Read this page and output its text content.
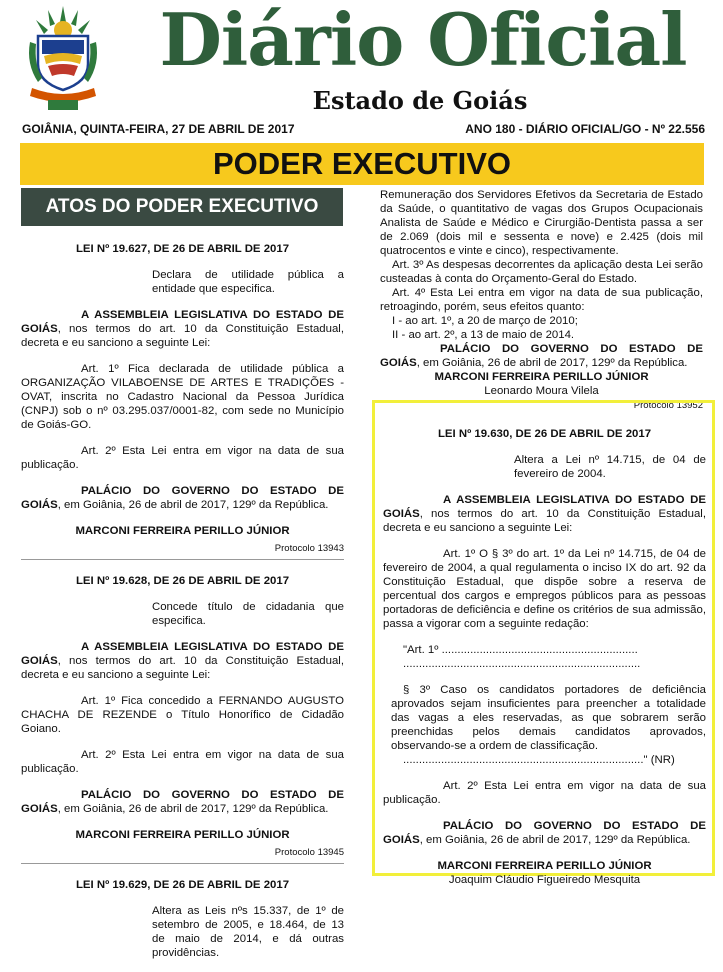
Diário Oficial
Estado de Goiás
GOIÂNIA, QUINTA-FEIRA, 27 DE ABRIL DE 2017	ANO 180 - DIÁRIO OFICIAL/GO - Nº 22.556
PODER EXECUTIVO
ATOS DO PODER EXECUTIVO
LEI Nº 19.627, DE 26 DE ABRIL DE 2017
Declara de utilidade pública a entidade que especifica.
A ASSEMBLEIA LEGISLATIVA DO ESTADO DE GOIÁS, nos termos do art. 10 da Constituição Estadual, decreta e eu sanciono a seguinte Lei:
Art. 1º Fica declarada de utilidade pública a ORGANIZAÇÃO VILABOENSE DE ARTES E TRADIÇÕES - OVAT, inscrita no Cadastro Nacional da Pessoa Jurídica (CNPJ) sob o nº 03.295.037/0001-82, com sede no Município de Goiás-GO.
Art. 2º Esta Lei entra em vigor na data de sua publicação.
PALÁCIO DO GOVERNO DO ESTADO DE GOIÁS, em Goiânia, 26 de abril de 2017, 129º da República.
MARCONI FERREIRA PERILLO JÚNIOR
Protocolo 13943
LEI Nº 19.628, DE 26 DE ABRIL DE 2017
Concede título de cidadania que especifica.
A ASSEMBLEIA LEGISLATIVA DO ESTADO DE GOIÁS, nos termos do art. 10 da Constituição Estadual, decreta e eu sanciono a seguinte Lei:
Art. 1º Fica concedido a FERNANDO AUGUSTO CHACHA DE REZENDE o Título Honorífico de Cidadão Goiano.
Art. 2º Esta Lei entra em vigor na data de sua publicação.
PALÁCIO DO GOVERNO DO ESTADO DE GOIÁS, em Goiânia, 26 de abril de 2017, 129º da República.
MARCONI FERREIRA PERILLO JÚNIOR
Protocolo 13945
LEI Nº 19.629, DE 26 DE ABRIL DE 2017
Altera as Leis nºs 15.337, de 1º de setembro de 2005, e 18.464, de 13 de maio de 2014, e dá outras providências.
Remuneração dos Servidores Efetivos da Secretaria de Estado da Saúde, o quantitativo de vagas dos Grupos Ocupacionais Analista de Saúde e Médico e Cirurgião-Dentista passa a ser de 2.069 (dois mil e sessenta e nove) e 2.425 (dois mil quatrocentos e vinte e cinco), respectivamente.
Art. 3º As despesas decorrentes da aplicação desta Lei serão custeadas à conta do Orçamento-Geral do Estado.
Art. 4º Esta Lei entra em vigor na data de sua publicação, retroagindo, porém, seus efeitos quanto:
I - ao art. 1º, a 20 de março de 2010;
II - ao art. 2º, a 13 de maio de 2014.
PALÁCIO DO GOVERNO DO ESTADO DE GOIÁS, em Goiânia, 26 de abril de 2017, 129º da República.
MARCONI FERREIRA PERILLO JÚNIOR
Leonardo Moura Vilela
Protocolo 13952
LEI Nº 19.630, DE 26 DE ABRIL DE 2017
Altera a Lei nº 14.715, de 04 de fevereiro de 2004.
A ASSEMBLEIA LEGISLATIVA DO ESTADO DE GOIÁS, nos termos do art. 10 da Constituição Estadual, decreta e eu sanciono a seguinte Lei:
Art. 1º O § 3º do art. 1º da Lei nº 14.715, de 04 de fevereiro de 2004, a qual regulamenta o inciso IX do art. 92 da Constituição Estadual, que dispõe sobre a reserva de percentual dos cargos e empregos públicos para as pessoas portadoras de deficiência e define os critérios de sua admissão, passa a vigorar com a seguinte redação:
"Art. 1º ..............................................................
...........................................................................
§ 3º Caso os candidatos portadores de deficiência aprovados sejam insuficientes para preencher a totalidade das vagas a eles reservadas, as que sobrarem serão preenchidas pelos demais candidatos aprovados, observando-se a ordem de classificação.
............................................................................" (NR)
Art. 2º Esta Lei entra em vigor na data de sua publicação.
PALÁCIO DO GOVERNO DO ESTADO DE GOIÁS, em Goiânia, 26 de abril de 2017, 129º da República.
MARCONI FERREIRA PERILLO JÚNIOR
Joaquim Cláudio Figueiredo Mesquita
